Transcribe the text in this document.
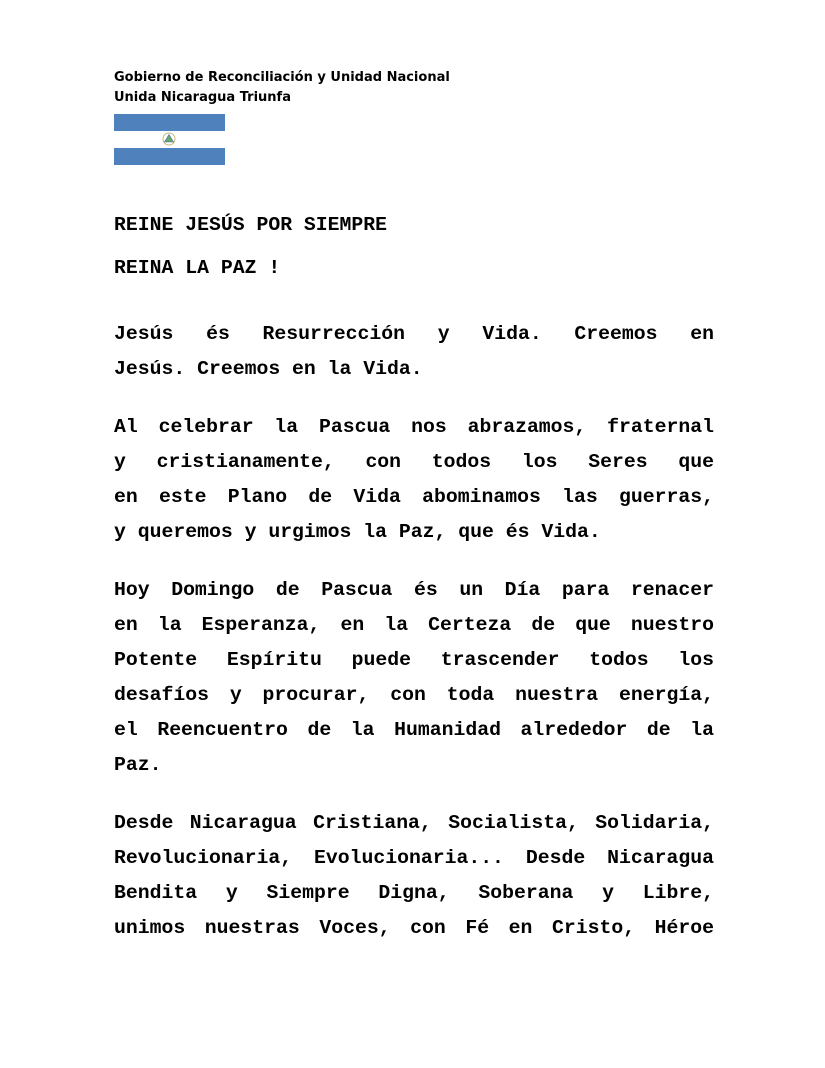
Gobierno de Reconciliación y Unidad Nacional
Unida Nicaragua Triunfa
REINE JESÚS POR SIEMPRE
REINA LA PAZ !
Jesús és Resurrección y Vida. Creemos en
Jesús. Creemos en la Vida.
Al celebrar la Pascua nos abrazamos, fraternal
y cristianamente, con todos los Seres que
en este Plano de Vida abominamos las guerras,
y queremos y urgimos la Paz, que és Vida.
Hoy Domingo de Pascua és un Día para renacer
en la Esperanza, en la Certeza de que nuestro
Potente Espíritu puede trascender todos los
desafíos y procurar, con toda nuestra energía,
el Reencuentro de la Humanidad alrededor de la
Paz.
Desde Nicaragua Cristiana, Socialista, Solidaria,
Revolucionaria, Evolucionaria... Desde Nicaragua
Bendita y Siempre Digna, Soberana y Libre,
unimos nuestras Voces, con Fé en Cristo, Héroe
